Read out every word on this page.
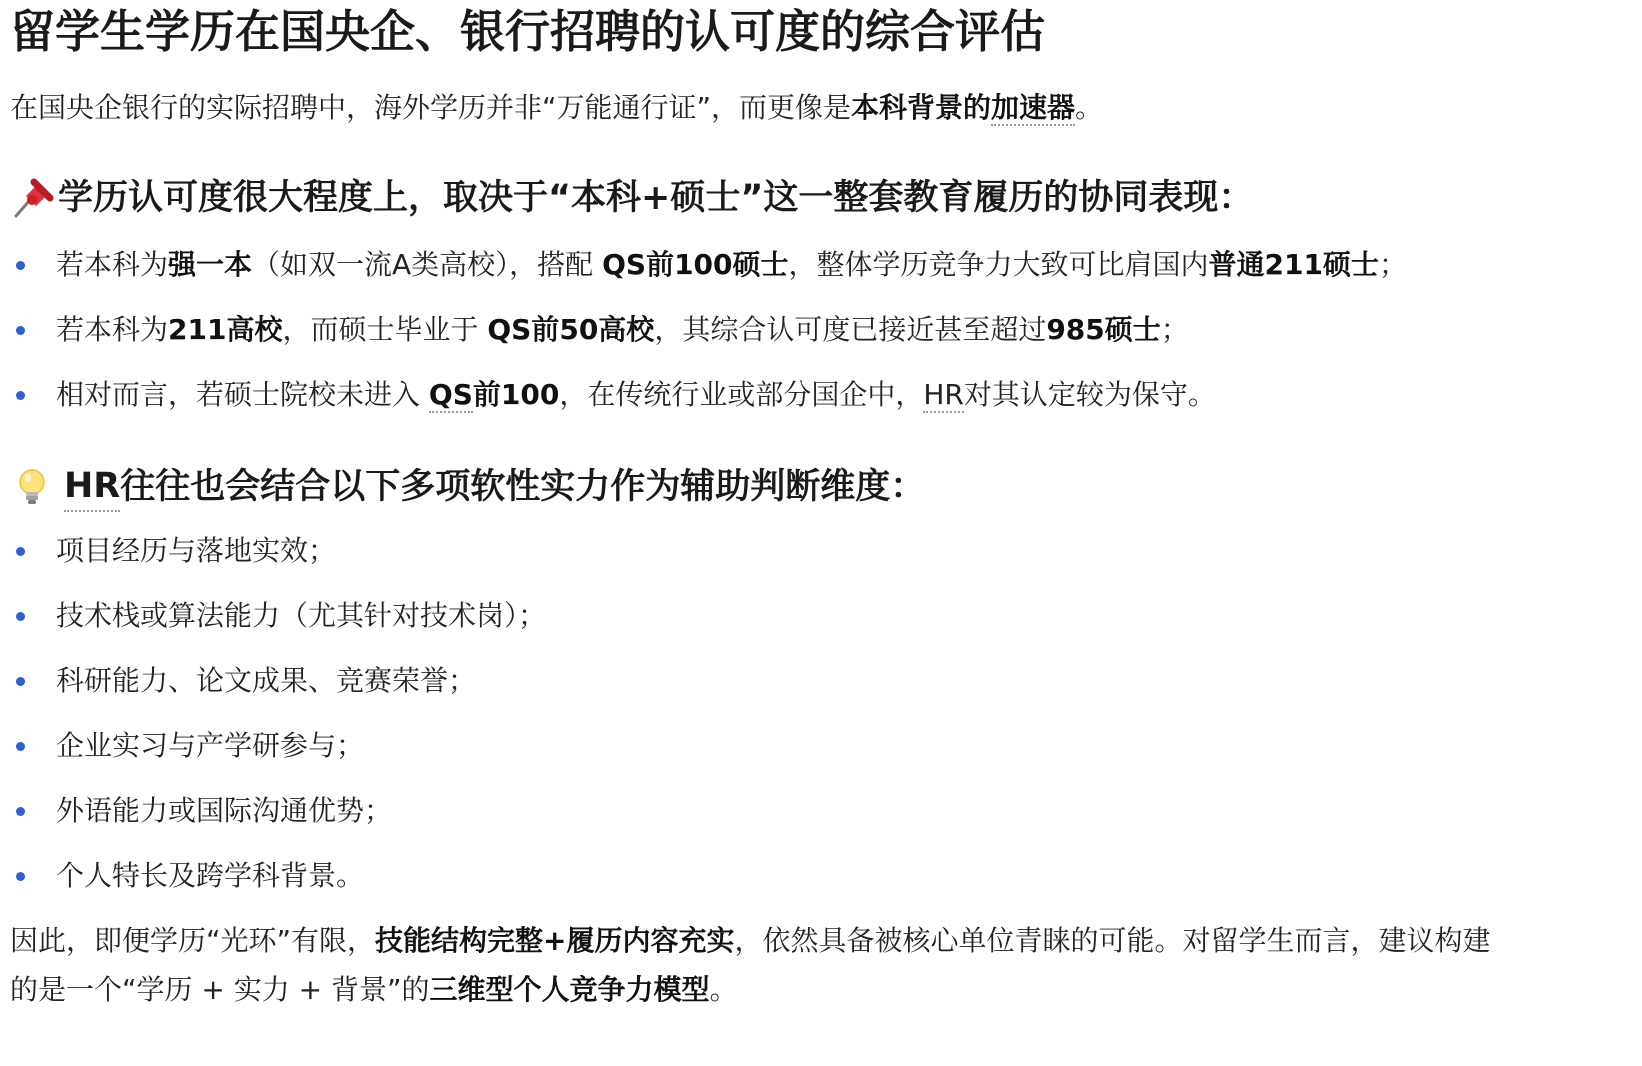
留学生学历在国央企、银行招聘的认可度的综合评估
在国央企银行的实际招聘中，海外学历并非“万能通行证”，而更像是本科背景的加速器。
学历认可度很大程度上，取决于“本科+硕士”这一整套教育履历的协同表现：
若本科为强一本（如双一流A类高校），搭配 QS前100硕士，整体学历竞争力大致可比肩国内普通211硕士；
若本科为211高校，而硕士毕业于 QS前50高校，其综合认可度已接近甚至超过985硕士；
相对而言，若硕士院校未进入 QS前100，在传统行业或部分国企中，HR对其认定较为保守。
HR 往往也会结合以下多项软性实力作为辅助判断维度：
项目经历与落地实效；
技术栈或算法能力（尤其针对技术岗）；
科研能力、论文成果、竞赛荣誉；
企业实习与产学研参与；
外语能力或国际沟通优势；
个人特长及跨学科背景。
因此，即便学历“光环”有限，技能结构完整+履历内容充实，依然具备被核心单位青睐的可能。对留学生而言，建议构建
的是一个“学历 + 实力 + 背景”的三维型个人竞争力模型。
